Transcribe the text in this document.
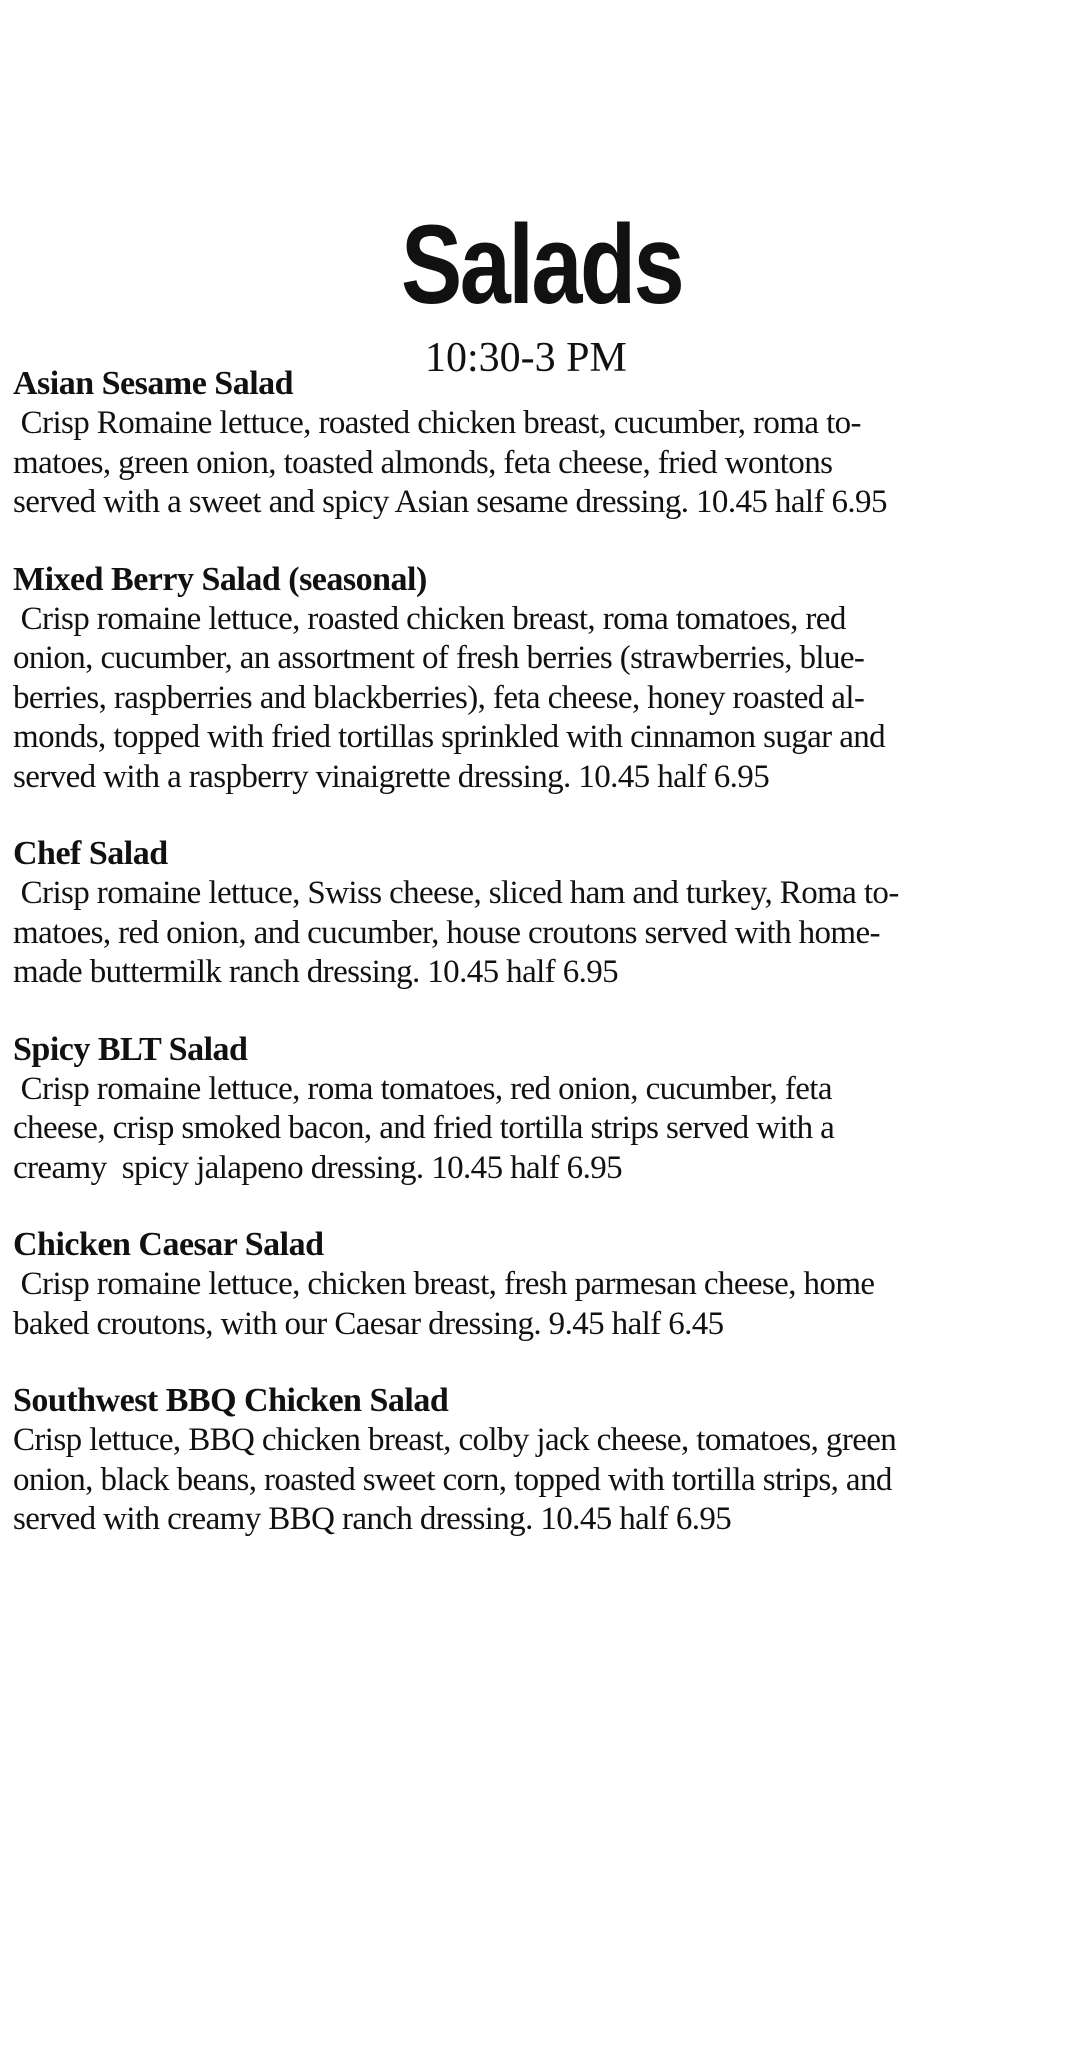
Salads
10:30-3 PM
Asian Sesame Salad
Crisp Romaine lettuce, roasted chicken breast, cucumber, roma to-
matoes, green onion, toasted almonds, feta cheese, fried wontons
served with a sweet and spicy Asian sesame dressing. 10.45 half 6.95
Mixed Berry Salad (seasonal)
Crisp romaine lettuce, roasted chicken breast, roma tomatoes, red
onion, cucumber, an assortment of fresh berries (strawberries, blue-
berries, raspberries and blackberries), feta cheese, honey roasted al-
monds, topped with fried tortillas sprinkled with cinnamon sugar and
served with a raspberry vinaigrette dressing. 10.45 half 6.95
Chef Salad
Crisp romaine lettuce, Swiss cheese, sliced ham and turkey, Roma to-
matoes, red onion, and cucumber, house croutons served with home-
made buttermilk ranch dressing. 10.45 half 6.95
Spicy BLT Salad
Crisp romaine lettuce, roma tomatoes, red onion, cucumber, feta
cheese, crisp smoked bacon, and fried tortilla strips served with a
creamy  spicy jalapeno dressing. 10.45 half 6.95
Chicken Caesar Salad
Crisp romaine lettuce, chicken breast, fresh parmesan cheese, home
baked croutons, with our Caesar dressing. 9.45 half 6.45
Southwest BBQ Chicken Salad
Crisp lettuce, BBQ chicken breast, colby jack cheese, tomatoes, green
onion, black beans, roasted sweet corn, topped with tortilla strips, and
served with creamy BBQ ranch dressing. 10.45 half 6.95
